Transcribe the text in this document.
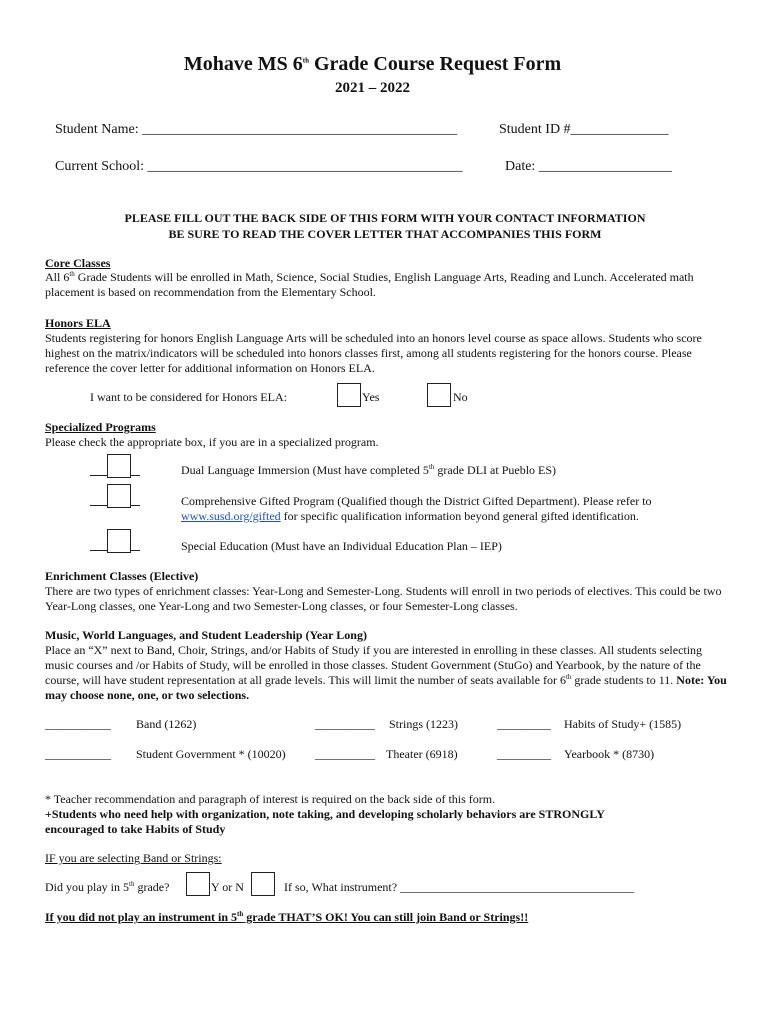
Mohave MS 6th Grade Course Request Form
2021 – 2022
Student Name: _____________________________________________	Student ID #______________
Current School: _____________________________________________	Date: ___________________
PLEASE FILL OUT THE BACK SIDE OF THIS FORM WITH YOUR CONTACT INFORMATION
BE SURE TO READ THE COVER LETTER THAT ACCOMPANIES THIS FORM
Core Classes
All 6th Grade Students will be enrolled in Math, Science, Social Studies, English Language Arts, Reading and Lunch. Accelerated math placement is based on recommendation from the Elementary School.
Honors ELA
Students registering for honors English Language Arts will be scheduled into an honors level course as space allows. Students who score highest on the matrix/indicators will be scheduled into honors classes first, among all students registering for the honors course. Please reference the cover letter for additional information on Honors ELA.
I want to be considered for Honors ELA:	Yes	No
Specialized Programs
Please check the appropriate box, if you are in a specialized program.
Dual Language Immersion (Must have completed 5th grade DLI at Pueblo ES)
Comprehensive Gifted Program (Qualified though the District Gifted Department). Please refer to
www.susd.org/gifted for specific qualification information beyond general gifted identification.
Special Education (Must have an Individual Education Plan – IEP)
Enrichment Classes (Elective)
There are two types of enrichment classes: Year-Long and Semester-Long. Students will enroll in two periods of electives. This could be two Year-Long classes, one Year-Long and two Semester-Long classes, or four Semester-Long classes.
Music, World Languages, and Student Leadership (Year Long)
Place an “X” next to Band, Choir, Strings, and/or Habits of Study if you are interested in enrolling in these classes. All students selecting music courses and /or Habits of Study, will be enrolled in those classes. Student Government (StuGo) and Yearbook, by the nature of the course, will have student representation at all grade levels. This will limit the number of seats available for 6th grade students to 11. Note: You may choose none, one, or two selections.
___________ Band (1262)	__________ Strings (1223)	_________ Habits of Study+ (1585)
___________ Student Government * (10020) __________ Theater (6918)	_________ Yearbook * (8730)
* Teacher recommendation and paragraph of interest is required on the back side of this form.
+Students who need help with organization, note taking, and developing scholarly behaviors are STRONGLY
encouraged to take Habits of Study
IF you are selecting Band or Strings:
Did you play in 5th grade?	Y or N	If so, What instrument? _______________________________________
If you did not play an instrument in 5th grade THAT’S OK! You can still join Band or Strings!!
